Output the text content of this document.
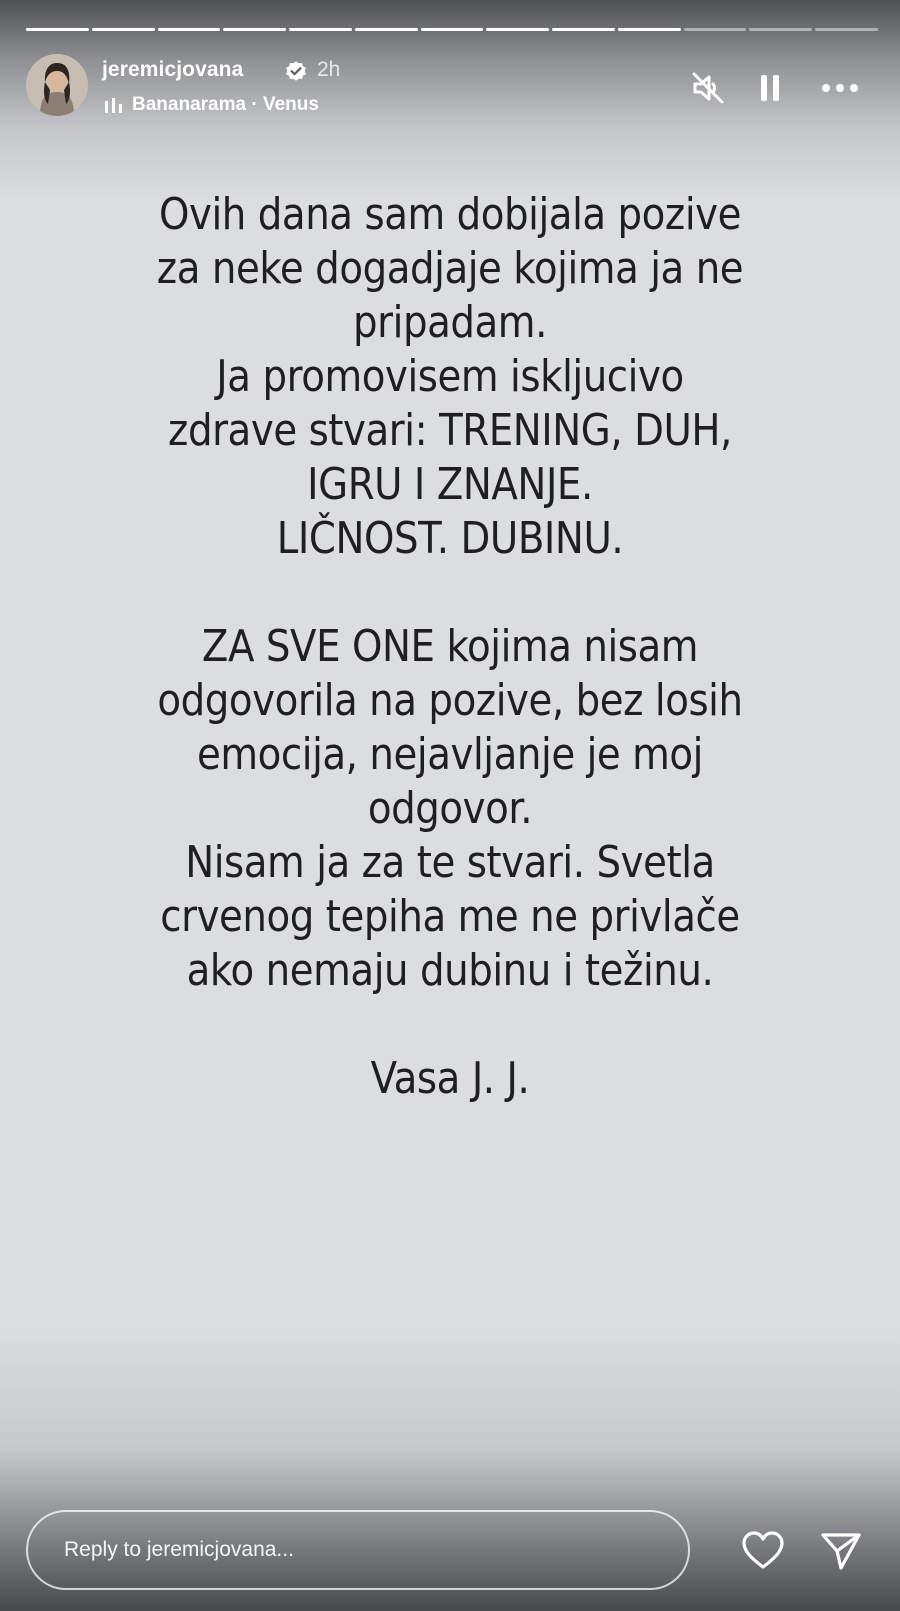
jeremicjovana	2h
Bananarama · Venus
Ovih dana sam dobijala pozive
za neke dogadjaje kojima ja ne
pripadam.
Ja promovisem iskljucivo
zdrave stvari: TRENING, DUH,
IGRU I ZNANJE.
LIČNOST. DUBINU.
ZA SVE ONE kojima nisam
odgovorila na pozive, bez losih
emocija, nejavljanje je moj
odgovor.
Nisam ja za te stvari. Svetla
crvenog tepiha me ne privlače
ako nemaju dubinu i težinu.
Vasa J. J.
Reply to jeremicjovana...
